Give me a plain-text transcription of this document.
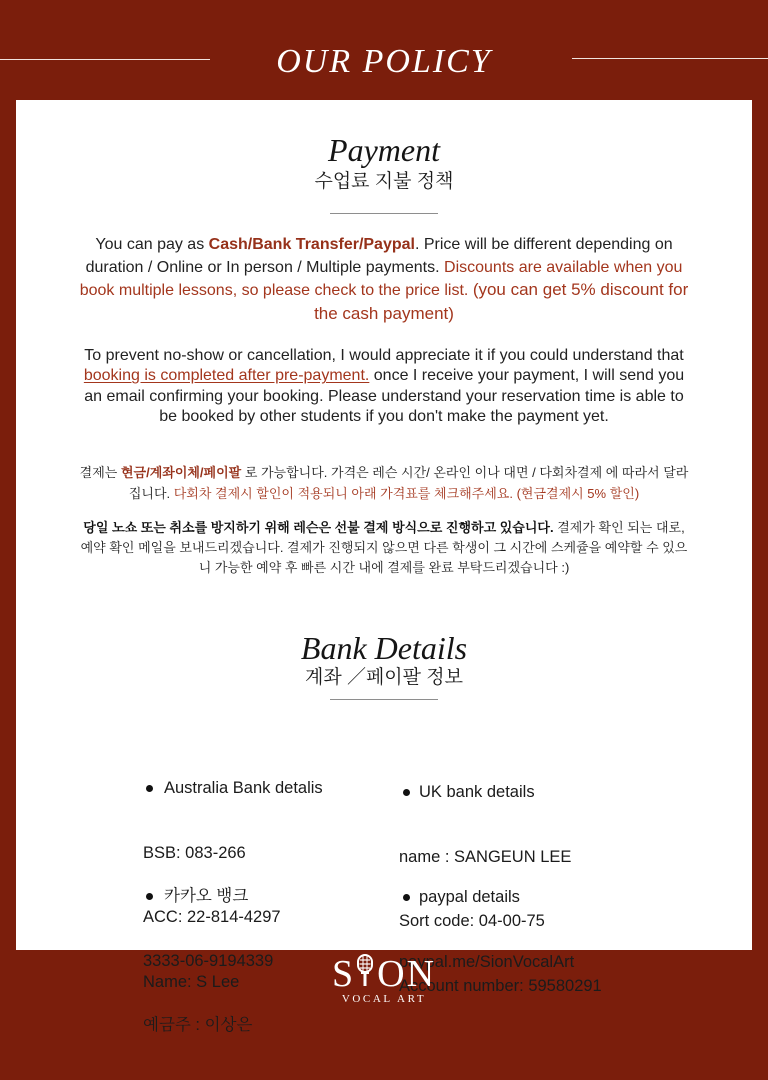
OUR POLICY
Payment
수업료 지불 정책
You can pay as Cash/Bank Transfer/Paypal. Price will be different depending on
duration / Online or In person / Multiple payments. Discounts are available when you
book multiple lessons, so please check to the price list. (you can get 5% discount for
the cash payment)
To prevent no-show or cancellation, I would appreciate it if you could understand that
booking is completed after pre-payment. once I receive your payment, I will send you
an email confirming your booking. Please understand your reservation time is able to
be booked by other students if you don't make the payment yet.
결제는 현금/계좌이체/페이팔 로 가능합니다. 가격은 레슨 시간/ 온라인 이나 대면 / 다회차결제 에 따라서 달라
집니다. 다회차 결제시 할인이 적용되니 아래 가격표를 체크해주세요. (현금결제시 5% 할인)
당일 노쇼 또는 취소를 방지하기 위해 레슨은 선불 결제 방식으로 진행하고 있습니다. 결제가 확인 되는 대로,
예약 확인 메일을 보내드리겠습니다. 결제가 진행되지 않으면 다른 학생이 그 시간에 스케쥴을 예약할 수 있으
니 가능한 예약 후 빠른 시간 내에 결제를 완료 부탁드리겠습니다 :)
Bank Details
계좌 ／페이팔 정보

Australia Bank detalis

BSB: 083-266

ACC: 22-814-4297

Name: S Lee

카카오 뱅크

3333-06-9194339

예금주 : 이상은

UK bank details

name : SANGEUN LEE

Sort code: 04-00-75

Account number: 59580291

paypal details

paypal.me/SionVocalArt

S ON
VOCAL ART
